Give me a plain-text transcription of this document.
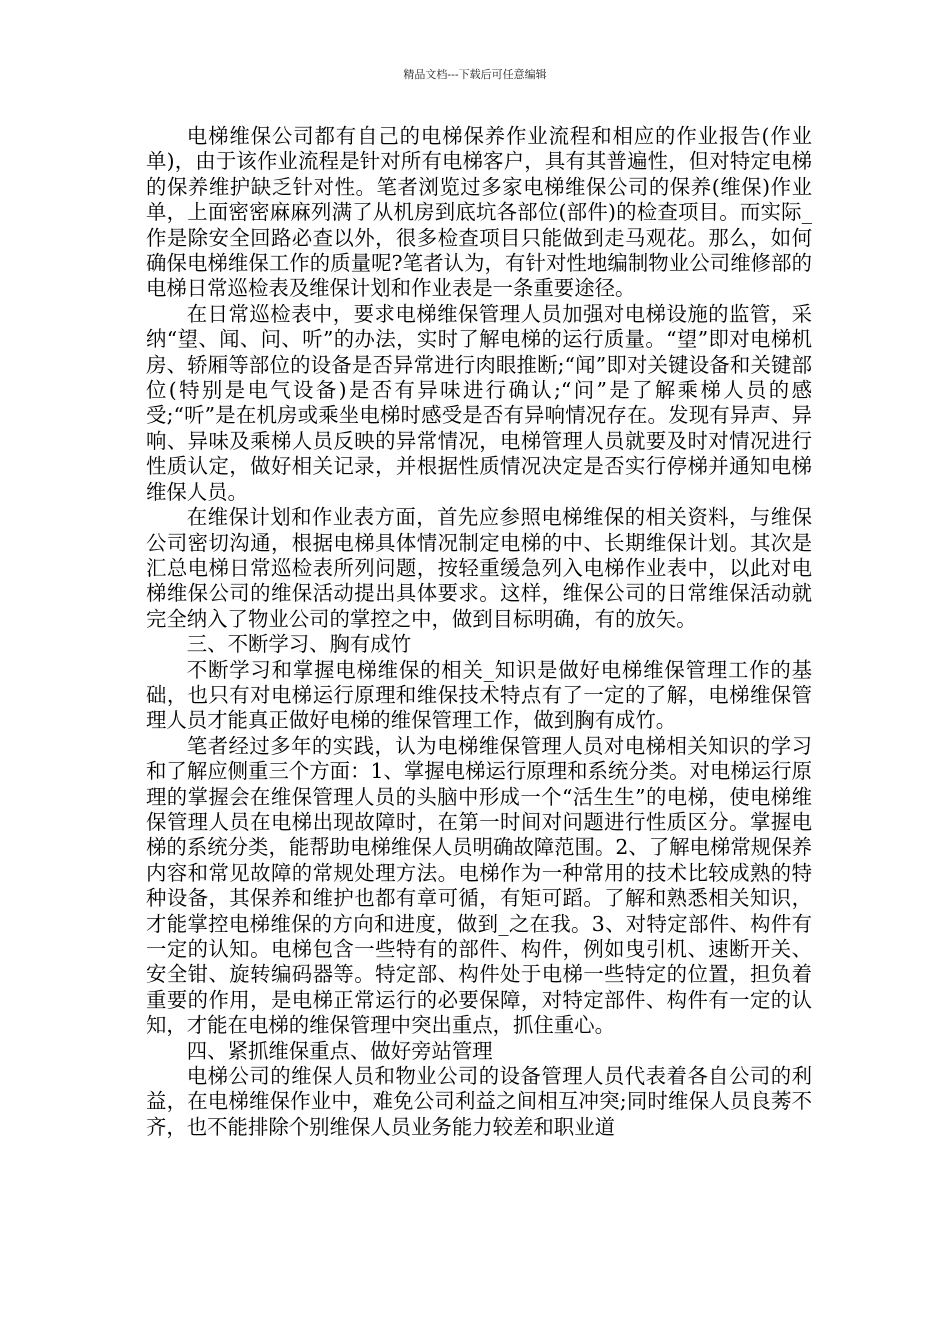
精品文档---下载后可任意编辑

电梯维保公司都有自己的电梯保养作业流程和相应的作业报告(作业单)，由于该作业流程是针对所有电梯客户，具有其普遍性，但对特定电梯的保养维护缺乏针对性。笔者浏览过多家电梯维保公司的保养(维保)作业单，上面密密麻麻列满了从机房到底坑各部位(部件)的检查项目。而实际_作是除安全回路必查以外，很多检查项目只能做到走马观花。那么，如何确保电梯维保工作的质量呢?笔者认为，有针对性地编制物业公司维修部的电梯日常巡检表及维保计划和作业表是一条重要途径。

在日常巡检表中，要求电梯维保管理人员加强对电梯设施的监管，采纳“望、闻、问、听”的办法，实时了解电梯的运行质量。“望”即对电梯机房、轿厢等部位的设备是否异常进行肉眼推断;“闻”即对关键设备和关键部位(特别是电气设备)是否有异味进行确认;“问”是了解乘梯人员的感受;“听”是在机房或乘坐电梯时感受是否有异响情况存在。发现有异声、异响、异味及乘梯人员反映的异常情况，电梯管理人员就要及时对情况进行性质认定，做好相关记录，并根据性质情况决定是否实行停梯并通知电梯维保人员。

在维保计划和作业表方面，首先应参照电梯维保的相关资料，与维保公司密切沟通，根据电梯具体情况制定电梯的中、长期维保计划。其次是汇总电梯日常巡检表所列问题，按轻重缓急列入电梯作业表中，以此对电梯维保公司的维保活动提出具体要求。这样，维保公司的日常维保活动就完全纳入了物业公司的掌控之中，做到目标明确，有的放矢。

三、不断学习、胸有成竹

不断学习和掌握电梯维保的相关_知识是做好电梯维保管理工作的基础，也只有对电梯运行原理和维保技术特点有了一定的了解，电梯维保管理人员才能真正做好电梯的维保管理工作，做到胸有成竹。

笔者经过多年的实践，认为电梯维保管理人员对电梯相关知识的学习和了解应侧重三个方面：1、掌握电梯运行原理和系统分类。对电梯运行原理的掌握会在维保管理人员的头脑中形成一个“活生生”的电梯，使电梯维保管理人员在电梯出现故障时，在第一时间对问题进行性质区分。掌握电梯的系统分类，能帮助电梯维保人员明确故障范围。2、了解电梯常规保养内容和常见故障的常规处理方法。电梯作为一种常用的技术比较成熟的特种设备，其保养和维护也都有章可循，有矩可蹈。了解和熟悉相关知识，才能掌控电梯维保的方向和进度，做到_之在我。3、对特定部件、构件有一定的认知。电梯包含一些特有的部件、构件，例如曳引机、速断开关、安全钳、旋转编码器等。特定部、构件处于电梯一些特定的位置，担负着重要的作用，是电梯正常运行的必要保障，对特定部件、构件有一定的认知，才能在电梯的维保管理中突出重点，抓住重心。

四、紧抓维保重点、做好旁站管理

电梯公司的维保人员和物业公司的设备管理人员代表着各自公司的利益，在电梯维保作业中，难免公司利益之间相互冲突;同时维保人员良莠不齐，也不能排除个别维保人员业务能力较差和职业道
